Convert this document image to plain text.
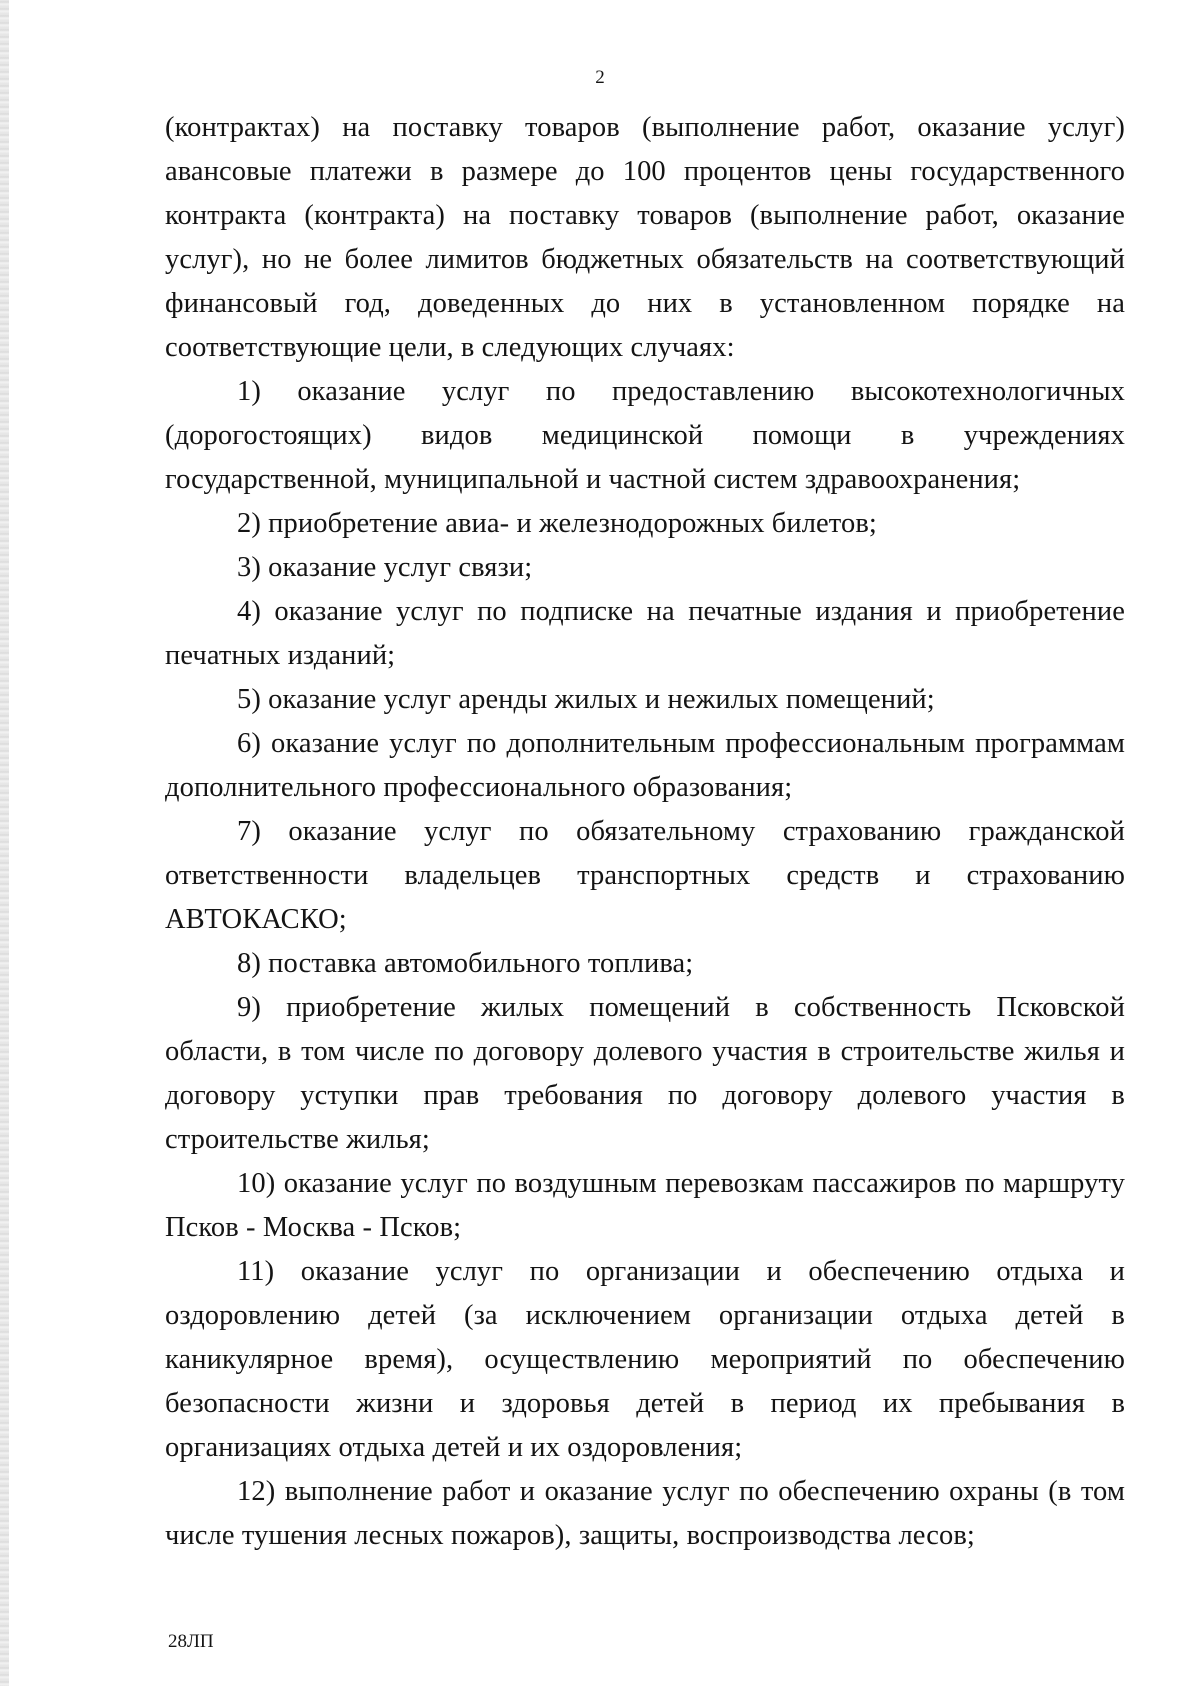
2

(контрактах) на поставку товаров (выполнение работ, оказание услуг) авансовые платежи в размере до 100 процентов цены государственного контракта (контракта) на поставку товаров (выполнение работ, оказание услуг), но не более лимитов бюджетных обязательств на соответствующий финансовый год, доведенных до них в установленном порядке на соответствующие цели, в следующих случаях:

1) оказание услуг по предоставлению высокотехнологичных (дорогостоящих) видов медицинской помощи в учреждениях государственной, муниципальной и частной систем здравоохранения;

2) приобретение авиа- и железнодорожных билетов;

3) оказание услуг связи;

4) оказание услуг по подписке на печатные издания и приобретение печатных изданий;

5) оказание услуг аренды жилых и нежилых помещений;

6) оказание услуг по дополнительным профессиональным программам дополнительного профессионального образования;

7) оказание услуг по обязательному страхованию гражданской ответственности владельцев транспортных средств и страхованию АВТОКАСКО;

8) поставка автомобильного топлива;

9) приобретение жилых помещений в собственность Псковской области, в том числе по договору долевого участия в строительстве жилья и договору уступки прав требования по договору долевого участия в строительстве жилья;

10) оказание услуг по воздушным перевозкам пассажиров по маршруту Псков - Москва - Псков;

11) оказание услуг по организации и обеспечению отдыха и оздоровлению детей (за исключением организации отдыха детей в каникулярное время), осуществлению мероприятий по обеспечению безопасности жизни и здоровья детей в период их пребывания в организациях отдыха детей и их оздоровления;

12) выполнение работ и оказание услуг по обеспечению охраны (в том числе тушения лесных пожаров), защиты, воспроизводства лесов;

28ЛП
